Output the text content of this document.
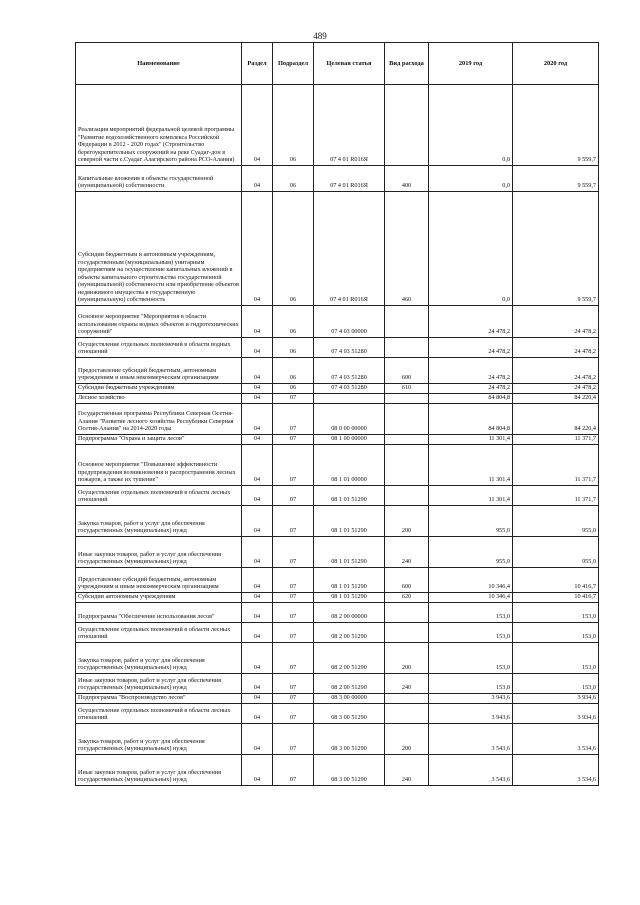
489
Наименование	Раздел	Подраздел	Целевая статья	Вид расхода	2019 год	2020 год
Реализация мероприятий федеральной целевой программы "Развитие водохозяйственного комплекса Российской Федерации в 2012 - 2020 годах" (Строительство берегоукрепительных сооружений на реке Суадаг-дон в северной части с.Суадаг Алагирского района РСО-Алания)	04	06	07 4 01 R016Я		0,0	9 559,7
Капитальные вложения в объекты государственной (муниципальной) собственности	04	06	07 4 01 R016Я	400	0,0	9 559,7
Субсидии бюджетным и автономным учреждениям, государственным (муниципальным) унитарным предприятиям на осуществление капитальных вложений в объекты капитального строительства государственной (муниципальной) собственности или приобретение объектов недвижимого имущества в государственную (муниципальную) собственность	04	06	07 4 01 R016Я	460	0,0	9 559,7
Основное мероприятие "Мероприятия в области использования охраны водных объектов и гидротехнических сооружений"	04	06	07 4 03 00000		24 478,2	24 478,2
Осуществление отдельных полномочий в области водных отношений	04	06	07 4 03 51280		24 478,2	24 478,2
Предоставление субсидий бюджетным, автономным учреждениям и иным некоммерческим организациям	04	06	07 4 03 51280	600	24 478,2	24 478,2
Субсидии бюджетным учреждениям	04	06	07 4 03 51280	610	24 478,2	24 478,2
Лесное хозяйство	04	07			84 804,8	84 220,4
Государственная программа Республики Северная Осетия-Алания "Развитие лесного хозяйства Республики Северная Осетия-Алания" на 2014-2020 годы	04	07	08 0 00 00000		84 804,8	84 220,4
Подпрограмма "Охрана и защита лесов"	04	07	08 1 00 00000		11 301,4	11 371,7
Основное мероприятие "Повышение эффективности предупреждения возникновения и распространения лесных пожаров, а также их тушение"	04	07	08 1 01 00000		11 301,4	11 371,7
Осуществление отдельных полномочий в области лесных отношений	04	07	08 1 01 51290		11 301,4	11 371,7
Закупка товаров, работ и услуг для обеспечения государственных (муниципальных) нужд	04	07	08 1 01 51290	200	955,0	955,0
Иные закупки товаров, работ и услуг для обеспечения государственных (муниципальных) нужд	04	07	08 1 01 51290	240	955,0	955,0
Предоставление субсидий бюджетным, автономным учреждениям и иным некоммерческим организациям	04	07	08 1 01 51290	600	10 346,4	10 416,7
Субсидии автономным учреждениям	04	07	08 1 01 51290	620	10 346,4	10 416,7
Подпрограмма "Обеспечение использования лесов"	04	07	08 2 00 00000		153,0	153,0
Осуществление отдельных полномочий в области лесных отношений	04	07	08 2 00 51290		153,0	153,0
Закупка товаров, работ и услуг для обеспечения государственных (муниципальных) нужд	04	07	08 2 00 51290	200	153,0	153,0
Иные закупки товаров, работ и услуг для обеспечения государственных (муниципальных) нужд	04	07	08 2 00 51290	240	153,0	153,0
Подпрограмма "Воспроизводство лесов"	04	07	08 3 00 00000		3 943,6	3 934,6
Осуществление отдельных полномочий в области лесных отношений	04	07	08 3 00 51290		3 943,6	3 934,6
Закупка товаров, работ и услуг для обеспечения государственных (муниципальных) нужд	04	07	08 3 00 51290	200	3 543,6	3 534,6
Иные закупки товаров, работ и услуг для обеспечения государственных (муниципальных) нужд	04	07	08 3 00 51290	240	3 543,6	3 534,6
